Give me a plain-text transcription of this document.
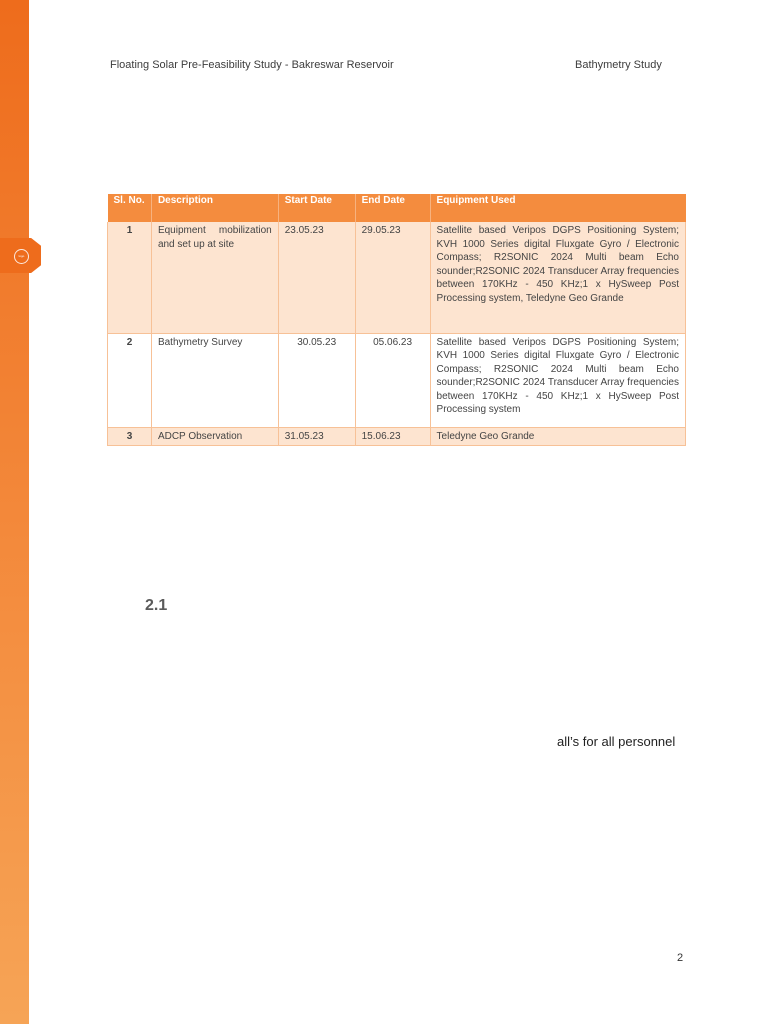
logo
Floating Solar Pre-Feasibility Study - Bakreswar Reservoir	Bathymetry Study
Sl. No.	Description	Start Date	End Date	Equipment Used
1	Equipment mobilization and set up at site	23.05.23	29.05.23	Satellite based Veripos DGPS Positioning System; KVH 1000 Series digital Fluxgate Gyro / Electronic Compass; R2SONIC 2024 Multi beam Echo sounder;R2SONIC 2024 Transducer Array frequencies between 170KHz - 450 KHz;1 x HySweep Post Processing system, Teledyne Geo Grande
2	Bathymetry Survey	30.05.23	05.06.23	Satellite based Veripos DGPS Positioning System; KVH 1000 Series digital Fluxgate Gyro / Electronic Compass; R2SONIC 2024 Multi beam Echo sounder;R2SONIC 2024 Transducer Array frequencies between 170KHz - 450 KHz;1 x HySweep Post Processing system
3	ADCP Observation	31.05.23	15.06.23	Teledyne Geo Grande
2.1
all’s for all personnel
2
